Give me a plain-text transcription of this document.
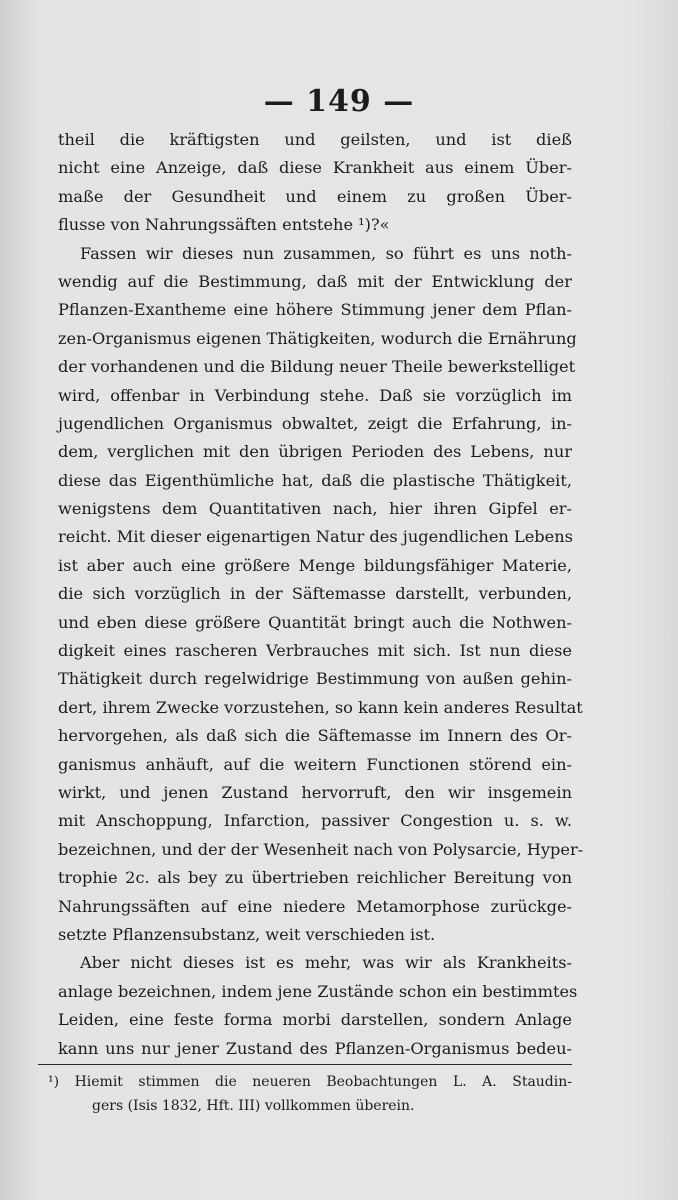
— 149 —
theil die kräftigsten und geilsten, und ist dieß
nicht eine Anzeige, daß diese Krankheit aus einem Über-
maße der Gesundheit und einem zu großen Über-
flusse von Nahrungssäften entstehe ¹)?«
Fassen wir dieses nun zusammen, so führt es uns noth-
wendig auf die Bestimmung, daß mit der Entwicklung der
Pflanzen-Exantheme eine höhere Stimmung jener dem Pflan-
zen-Organismus eigenen Thätigkeiten, wodurch die Ernährung
der vorhandenen und die Bildung neuer Theile bewerkstelliget
wird, offenbar in Verbindung stehe. Daß sie vorzüglich im
jugendlichen Organismus obwaltet, zeigt die Erfahrung, in-
dem, verglichen mit den übrigen Perioden des Lebens, nur
diese das Eigenthümliche hat, daß die plastische Thätigkeit,
wenigstens dem Quantitativen nach, hier ihren Gipfel er-
reicht. Mit dieser eigenartigen Natur des jugendlichen Lebens
ist aber auch eine größere Menge bildungsfähiger Materie,
die sich vorzüglich in der Säftemasse darstellt, verbunden,
und eben diese größere Quantität bringt auch die Nothwen-
digkeit eines rascheren Verbrauches mit sich. Ist nun diese
Thätigkeit durch regelwidrige Bestimmung von außen gehin-
dert, ihrem Zwecke vorzustehen, so kann kein anderes Resultat
hervorgehen, als daß sich die Säftemasse im Innern des Or-
ganismus anhäuft, auf die weitern Functionen störend ein-
wirkt, und jenen Zustand hervorruft, den wir insgemein
mit Anschoppung, Infarction, passiver Congestion u. s. w.
bezeichnen, und der der Wesenheit nach von Polysarcie, Hyper-
trophie 2c. als bey zu übertrieben reichlicher Bereitung von
Nahrungssäften auf eine niedere Metamorphose zurückge-
setzte Pflanzensubstanz, weit verschieden ist.
Aber nicht dieses ist es mehr, was wir als Krankheits-
anlage bezeichnen, indem jene Zustände schon ein bestimmtes
Leiden, eine feste forma morbi darstellen, sondern Anlage
kann uns nur jener Zustand des Pflanzen-Organismus bedeu-
¹) Hiemit stimmen die neueren Beobachtungen L. A. Staudin-
gers (Isis 1832, Hft. III) vollkommen überein.
